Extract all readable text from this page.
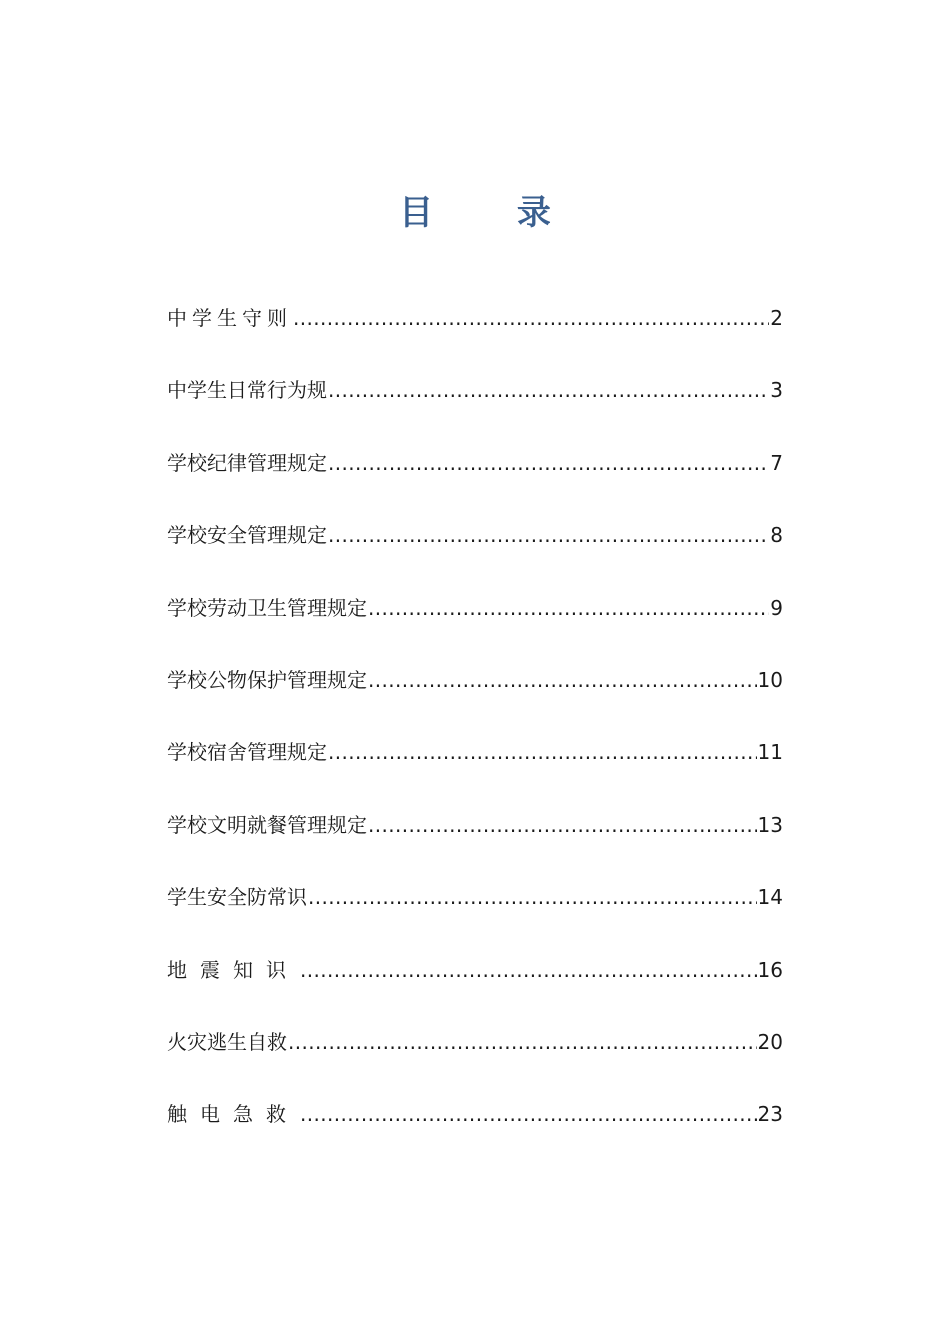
目 录
中学生守则 .....	2
中学生日常行为规 .....	3
学校纪律管理规定 .....	7
学校安全管理规定 .....	8
学校劳动卫生管理规定 .....	9
学校公物保护管理规定 .....	10
学校宿舍管理规定 .....	11
学校文明就餐管理规定 .....	13
学生安全防常识 .....	14
地震知识 .....	16
火灾逃生自救 .....	20
触电急救 .....	23
